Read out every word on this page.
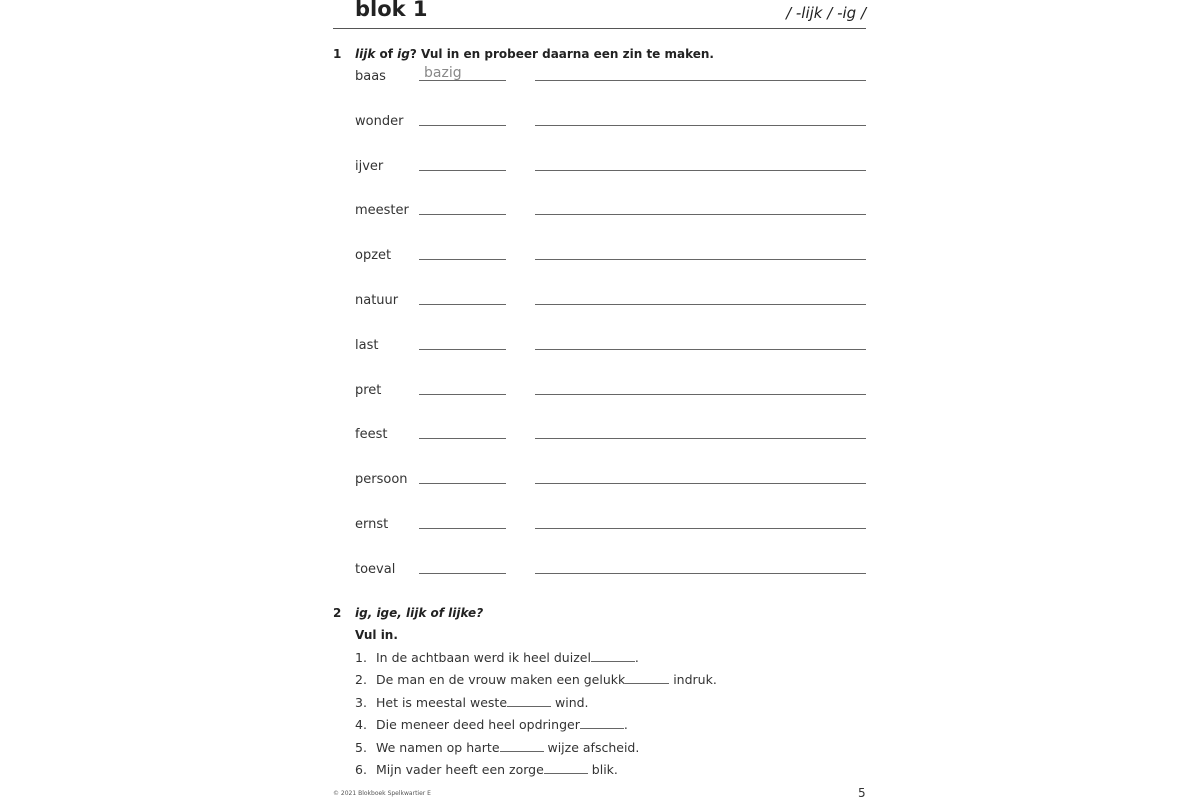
blok 1	/ -lijk / -ig /
1 lijk of ig? Vul in en probeer daarna een zin te maken.
baas	bazig
wonder
ijver
meester
opzet
natuur
last
pret
feest
persoon
ernst
toeval
2 ig, ige, lijk of lijke?
Vul in.
1. In de achtbaan werd ik heel duizel	.
2. De man en de vrouw maken een gelukk	indruk.
3. Het is meestal weste	wind.
4. Die meneer deed heel opdringer	.
5. We namen op harte	wijze afscheid.
6. Mijn vader heeft een zorge	blik.
© 2021 Blokboek Spelkwartier E	5
